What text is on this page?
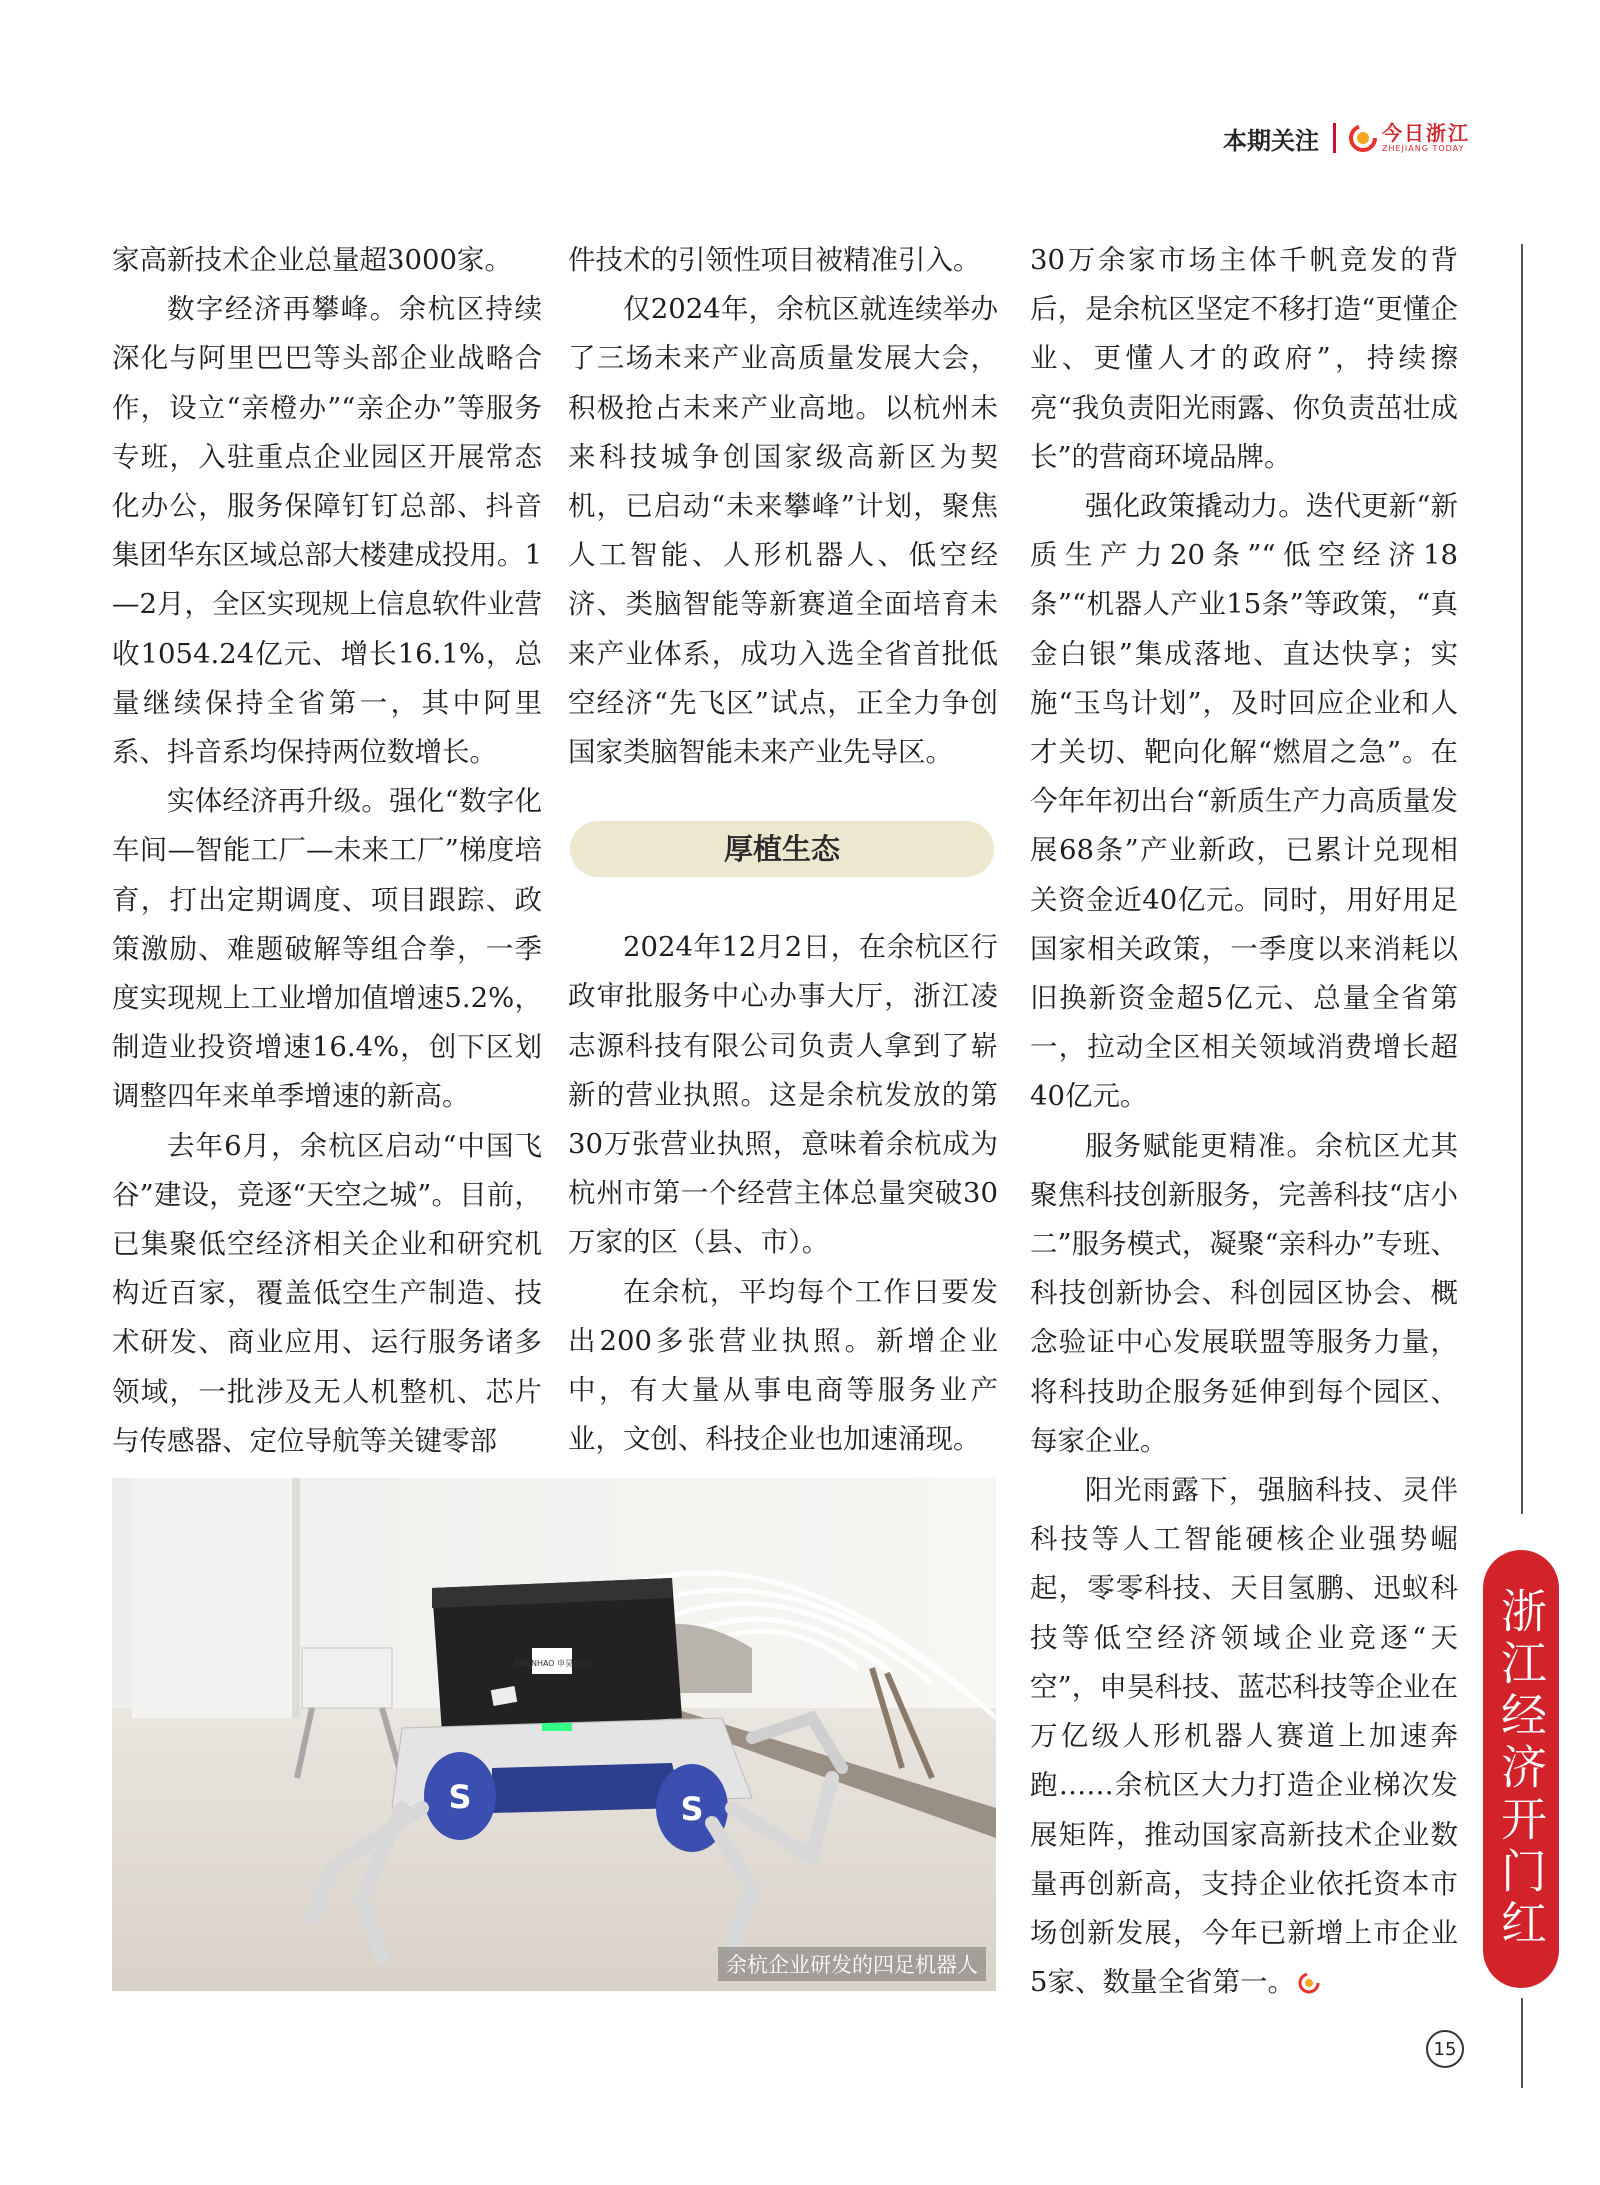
本期关注	今日浙江
ZHEJIANG TODAY

家高新技术企业总量超3000家。

数字经济再攀峰。余杭区持续深化与阿里巴巴等头部企业战略合作，设立“亲橙办”“亲企办”等服务专班，入驻重点企业园区开展常态化办公，服务保障钉钉总部、抖音集团华东区域总部大楼建成投用。1—2月，全区实现规上信息软件业营收1054.24亿元、增长16.1%，总量继续保持全省第一，其中阿里系、抖音系均保持两位数增长。

实体经济再升级。强化“数字化车间—智能工厂—未来工厂”梯度培育，打出定期调度、项目跟踪、政策激励、难题破解等组合拳，一季度实现规上工业增加值增速5.2%，制造业投资增速16.4%，创下区划调整四年来单季增速的新高。

去年6月，余杭区启动“中国飞谷”建设，竞逐“天空之城”。目前，已集聚低空经济相关企业和研究机构近百家，覆盖低空生产制造、技术研发、商业应用、运行服务诸多领域，一批涉及无人机整机、芯片与传感器、定位导航等关键零部

件技术的引领性项目被精准引入。

仅2024年，余杭区就连续举办了三场未来产业高质量发展大会，积极抢占未来产业高地。以杭州未来科技城争创国家级高新区为契机，已启动“未来攀峰”计划，聚焦人工智能、人形机器人、低空经济、类脑智能等新赛道全面培育未来产业体系，成功入选全省首批低空经济“先飞区”试点，正全力争创国家类脑智能未来产业先导区。

厚植生态

2024年12月2日，在余杭区行政审批服务中心办事大厅，浙江凌志源科技有限公司负责人拿到了崭新的营业执照。这是余杭发放的第30万张营业执照，意味着余杭成为杭州市第一个经营主体总量突破30万家的区（县、市）。

在余杭，平均每个工作日要发出200多张营业执照。新增企业中，有大量从事电商等服务业产业，文创、科技企业也加速涌现。

SHENHAO 申昊科技
S	S
余杭企业研发的四足机器人

30万余家市场主体千帆竞发的背后，是余杭区坚定不移打造“更懂企业、更懂人才的政府”，持续擦亮“我负责阳光雨露、你负责茁壮成长”的营商环境品牌。

强化政策撬动力。迭代更新“新质生产力20条”“低空经济18条”“机器人产业15条”等政策，“真金白银”集成落地、直达快享；实施“玉鸟计划”，及时回应企业和人才关切、靶向化解“燃眉之急”。在今年年初出台“新质生产力高质量发展68条”产业新政，已累计兑现相关资金近40亿元。同时，用好用足国家相关政策，一季度以来消耗以旧换新资金超5亿元、总量全省第一，拉动全区相关领域消费增长超40亿元。

服务赋能更精准。余杭区尤其聚焦科技创新服务，完善科技“店小二”服务模式，凝聚“亲科办”专班、科技创新协会、科创园区协会、概念验证中心发展联盟等服务力量，将科技助企服务延伸到每个园区、每家企业。

阳光雨露下，强脑科技、灵伴科技等人工智能硬核企业强势崛起，零零科技、天目氢鹏、迅蚁科技等低空经济领域企业竞逐“天空”，申昊科技、蓝芯科技等企业在万亿级人形机器人赛道上加速奔跑……余杭区大力打造企业梯次发展矩阵，推动国家高新技术企业数量再创新高，支持企业依托资本市场创新发展，今年已新增上市企业5家、数量全省第一。

浙江经济开门红
15
